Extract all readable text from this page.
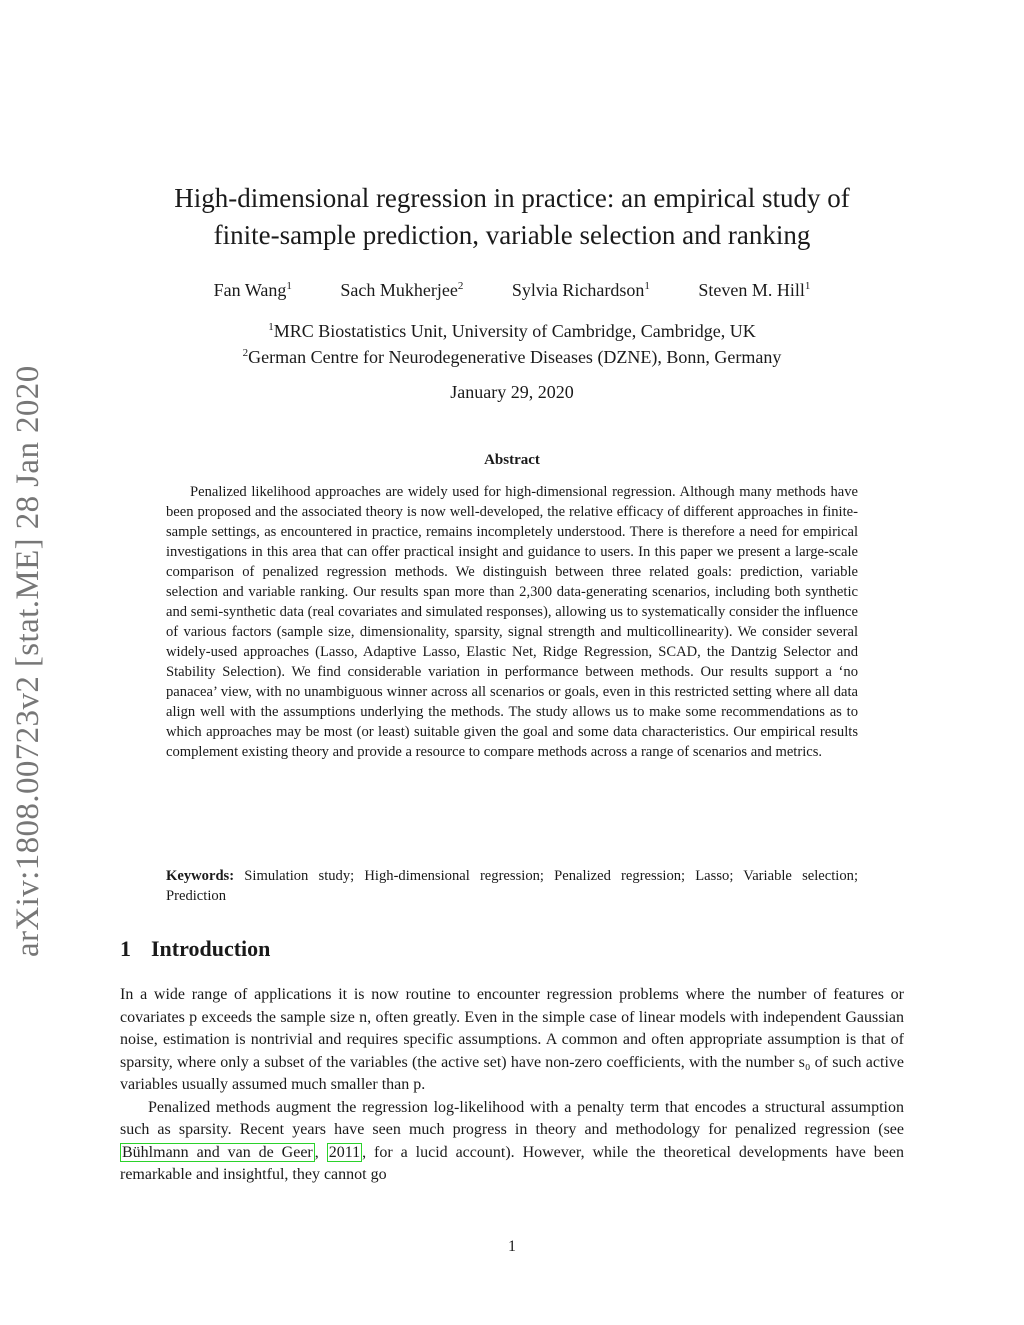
arXiv:1808.00723v2 [stat.ME] 28 Jan 2020
High-dimensional regression in practice: an empirical study of
finite-sample prediction, variable selection and ranking
Fan Wang$^1$	Sach Mukherjee$^2$	Sylvia Richardson$^1$	Steven M. Hill$^1$
$^1$MRC Biostatistics Unit, University of Cambridge, Cambridge, UK
$^2$German Centre for Neurodegenerative Diseases (DZNE), Bonn, Germany
January 29, 2020
Abstract
Penalized likelihood approaches are widely used for high-dimensional regression. Although many methods have been proposed and the associated theory is now well-developed, the relative efficacy of different approaches in finite-sample settings, as encountered in practice, remains incompletely understood. There is therefore a need for empirical investigations in this area that can offer practical insight and guidance to users. In this paper we present a large-scale comparison of penalized regression methods. We distinguish between three related goals: prediction, variable selection and variable ranking. Our results span more than 2,300 data-generating scenarios, including both synthetic and semi-synthetic data (real covariates and simulated responses), allowing us to systematically consider the influence of various factors (sample size, dimensionality, sparsity, signal strength and multicollinearity). We consider several widely-used approaches (Lasso, Adaptive Lasso, Elastic Net, Ridge Regression, SCAD, the Dantzig Selector and Stability Selection). We find considerable variation in performance between methods. Our results support a ‘no panacea’ view, with no unambiguous winner across all scenarios or goals, even in this restricted setting where all data align well with the assumptions underlying the methods. The study allows us to make some recommendations as to which approaches may be most (or least) suitable given the goal and some data characteristics. Our empirical results complement existing theory and provide a resource to compare methods across a range of scenarios and metrics.
Keywords: Simulation study; High-dimensional regression; Penalized regression; Lasso; Variable selection; Prediction
1 Introduction

In a wide range of applications it is now routine to encounter regression problems where the number of features or covariates p exceeds the sample size n, often greatly. Even in the simple case of linear models with independent Gaussian noise, estimation is nontrivial and requires specific assumptions. A common and often appropriate assumption is that of sparsity, where only a subset of the variables (the active set) have non-zero coefficients, with the number s₀ of such active variables usually assumed much smaller than p.

Penalized methods augment the regression log-likelihood with a penalty term that encodes a structural assumption such as sparsity. Recent years have seen much progress in theory and methodology for penalized regression (see Bühlmann and van de Geer , 2011 , for a lucid account). However, while the theoretical developments have been remarkable and insightful, they cannot go

1
